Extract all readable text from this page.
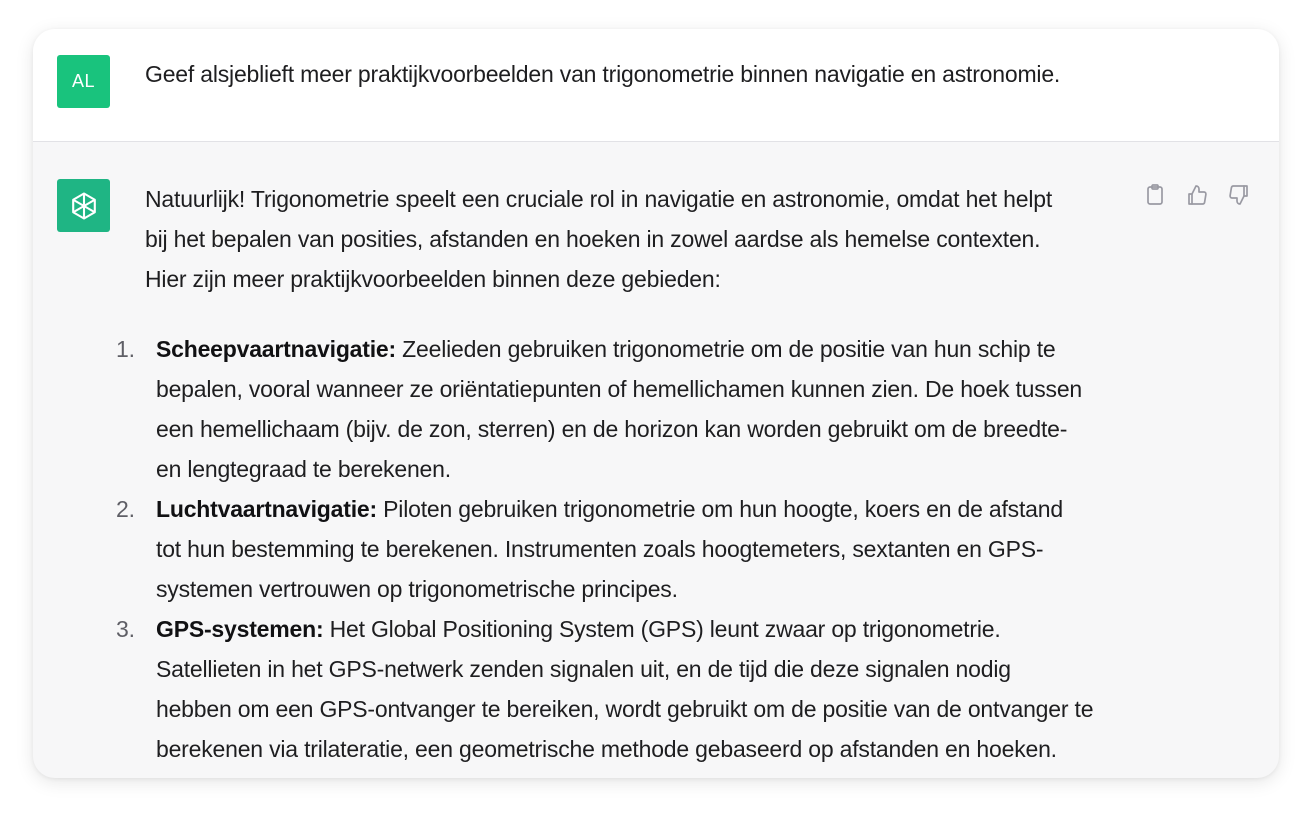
AL Geef alsjeblieft meer praktijkvoorbeelden van trigonometrie binnen navigatie en astronomie.

Natuurlijk! Trigonometrie speelt een cruciale rol in navigatie en astronomie, omdat het helpt

bij het bepalen van posities, afstanden en hoeken in zowel aardse als hemelse contexten.

Hier zijn meer praktijkvoorbeelden binnen deze gebieden:

1. Scheepvaartnavigatie: Zeelieden gebruiken trigonometrie om de positie van hun schip te
bepalen, vooral wanneer ze oriëntatiepunten of hemellichamen kunnen zien. De hoek tussen
een hemellichaam (bijv. de zon, sterren) en de horizon kan worden gebruikt om de breedte-
en lengtegraad te berekenen.
2. Luchtvaartnavigatie: Piloten gebruiken trigonometrie om hun hoogte, koers en de afstand
tot hun bestemming te berekenen. Instrumenten zoals hoogtemeters, sextanten en GPS-
systemen vertrouwen op trigonometrische principes.
3. GPS-systemen: Het Global Positioning System (GPS) leunt zwaar op trigonometrie.
Satellieten in het GPS-netwerk zenden signalen uit, en de tijd die deze signalen nodig
hebben om een GPS-ontvanger te bereiken, wordt gebruikt om de positie van de ontvanger te
berekenen via trilateratie, een geometrische methode gebaseerd op afstanden en hoeken.
